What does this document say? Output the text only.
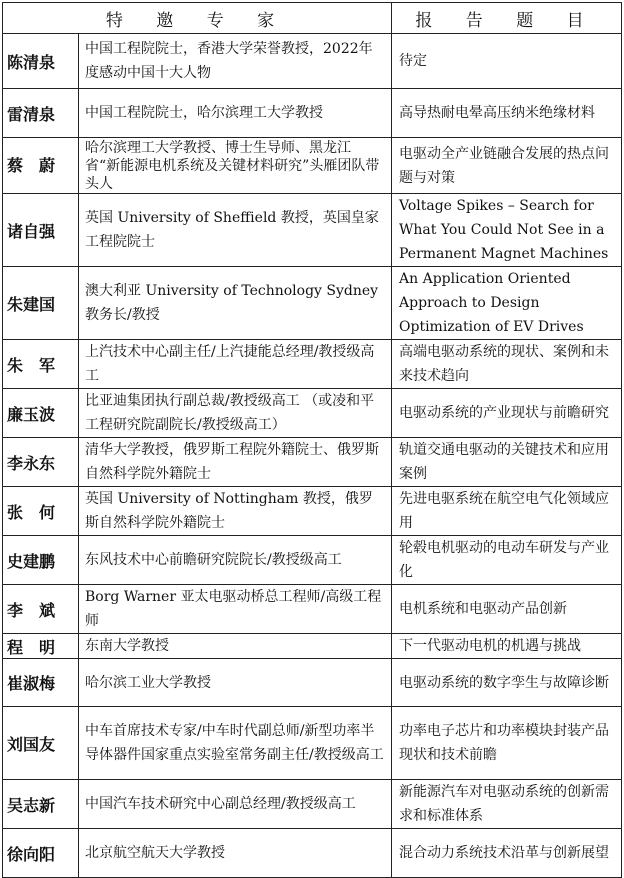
特 邀 专 家		报 告 题 目
陈清泉	中国工程院院士，香港大学荣誉教授，2022年度感动中国十大人物	待定
雷清泉	中国工程院院士，哈尔滨理工大学教授	高导热耐电晕高压纳米绝缘材料
蔡　蔚	哈尔滨理工大学教授、博士生导师、黑龙江省“新能源电机系统及关键材料研究”头雁团队带头人	电驱动全产业链融合发展的热点问题与对策
诸自强	英国 University of Sheffield 教授，英国皇家工程院院士	Voltage Spikes – Search for What You Could Not See in a Permanent Magnet Machines
朱建国	澳大利亚 University of Technology Sydney 教务长/教授	An Application Oriented Approach to Design Optimization of EV Drives
朱　军	上汽技术中心副主任/上汽捷能总经理/教授级高工	高端电驱动系统的现状、案例和未来技术趋向
廉玉波	比亚迪集团执行副总裁/教授级高工 （或凌和平工程研究院副院长/教授级高工）	电驱动系统的产业现状与前瞻研究
李永东	清华大学教授，俄罗斯工程院外籍院士、俄罗斯自然科学院外籍院士	轨道交通电驱动的关键技术和应用案例
张　何	英国 University of Nottingham 教授，俄罗斯自然科学院外籍院士	先进电驱系统在航空电气化领域应用
史建鹏	东风技术中心前瞻研究院院长/教授级高工	轮毂电机驱动的电动车研发与产业化
李　斌	Borg Warner 亚太电驱动桥总工程师/高级工程师	电机系统和电驱动产品创新
程　明	东南大学教授	下一代驱动电机的机遇与挑战
崔淑梅	哈尔滨工业大学教授	电驱动系统的数字孪生与故障诊断
刘国友	中车首席技术专家/中车时代副总师/新型功率半导体器件国家重点实验室常务副主任/教授级高工	功率电子芯片和功率模块封装产品现状和技术前瞻
吴志新	中国汽车技术研究中心副总经理/教授级高工	新能源汽车对电驱动系统的创新需求和标准体系
徐向阳	北京航空航天大学教授	混合动力系统技术沿革与创新展望
